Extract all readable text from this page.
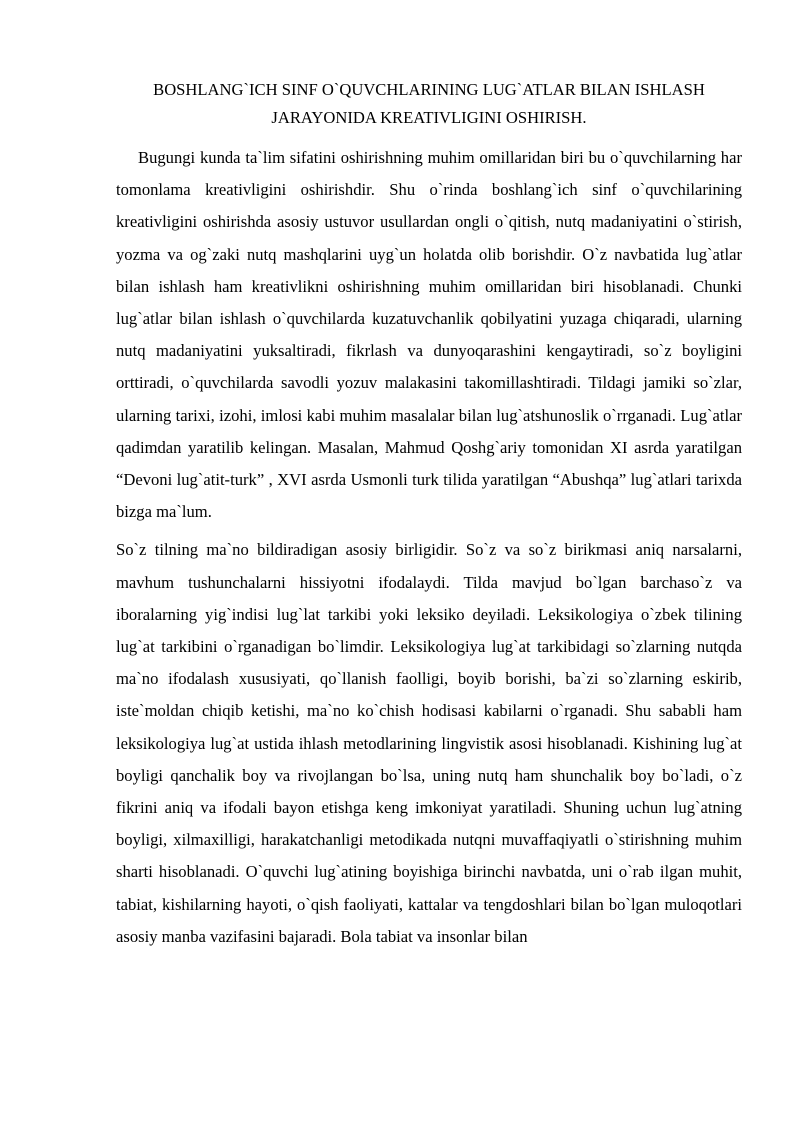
BOSHLANG`ICH SINF O`QUVCHLARINING LUG`ATLAR BILAN ISHLASH
JARAYONIDA KREATIVLIGINI OSHIRISH.

Bugungi kunda ta`lim sifatini oshirishning muhim omillaridan biri bu o`quvchilarning har tomonlama kreativligini oshirishdir. Shu o`rinda boshlang`ich sinf o`quvchilarining kreativligini oshirishda asosiy ustuvor usullardan ongli o`qitish, nutq madaniyatini o`stirish, yozma va og`zaki nutq mashqlarini uyg`un holatda olib borishdir. O`z navbatida lug`atlar bilan ishlash ham kreativlikni oshirishning muhim omillaridan biri hisoblanadi. Chunki lug`atlar bilan ishlash o`quvchilarda kuzatuvchanlik qobilyatini yuzaga chiqaradi, ularning nutq madaniyatini yuksaltiradi, fikrlash va dunyoqarashini kengaytiradi, so`z boyligini orttiradi, o`quvchilarda savodli yozuv malakasini takomillashtiradi. Tildagi jamiki so`zlar, ularning tarixi, izohi, imlosi kabi muhim masalalar bilan lug`atshunoslik o`rrganadi. Lug`atlar qadimdan yaratilib kelingan. Masalan, Mahmud Qoshg`ariy tomonidan XI asrda yaratilgan “Devoni lug`atit-turk” , XVI asrda Usmonli turk tilida yaratilgan “Abushqa” lug`atlari tarixda bizga ma`lum.

So`z tilning ma`no bildiradigan asosiy birligidir. So`z va so`z birikmasi aniq narsalarni, mavhum tushunchalarni hissiyotni ifodalaydi. Tilda mavjud bo`lgan barchaso`z va iboralarning yig`indisi lug`lat tarkibi yoki leksiko deyiladi. Leksikologiya o`zbek tilining lug`at tarkibini o`rganadigan bo`limdir. Leksikologiya lug`at tarkibidagi so`zlarning nutqda ma`no ifodalash xususiyati, qo`llanish faolligi, boyib borishi, ba`zi so`zlarning eskirib, iste`moldan chiqib ketishi, ma`no ko`chish hodisasi kabilarni o`rganadi. Shu sababli ham leksikologiya lug`at ustida ihlash metodlarining lingvistik asosi hisoblanadi. Kishining lug`at boyligi qanchalik boy va rivojlangan bo`lsa, uning nutq ham shunchalik boy bo`ladi, o`z fikrini aniq va ifodali bayon etishga keng imkoniyat yaratiladi. Shuning uchun lug`atning boyligi, xilmaxilligi, harakatchanligi metodikada nutqni muvaffaqiyatli o`stirishning muhim sharti hisoblanadi. O`quvchi lug`atining boyishiga birinchi navbatda, uni o`rab ilgan muhit, tabiat, kishilarning hayoti, o`qish faoliyati, kattalar va tengdoshlari bilan bo`lgan muloqotlari asosiy manba vazifasini bajaradi. Bola tabiat va insonlar bilan
